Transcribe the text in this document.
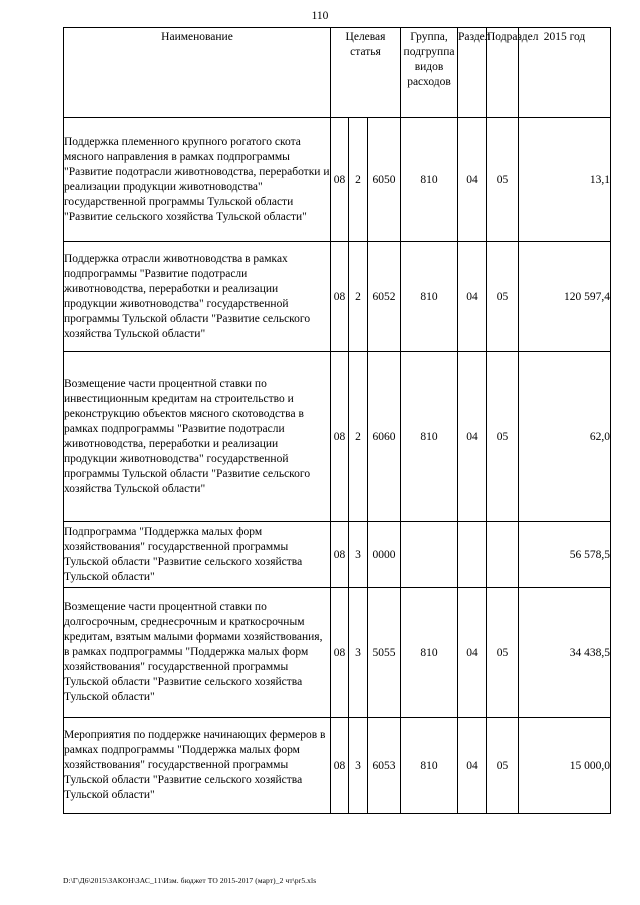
110
Наименование	Целевая статья			Группа, подгруппа видов расходов	Раздел	Подраздел	2015 год
Поддержка племенного крупного рогатого скота мясного направления в рамках подпрограммы "Развитие подотрасли животноводства, переработки и реализации продукции животноводства" государственной программы Тульской области "Развитие сельского хозяйства Тульской области"	08	2	6050	810	04	05	13,1
Поддержка отрасли животноводства в рамках подпрограммы "Развитие подотрасли животноводства, переработки и реализации продукции животноводства" государственной программы Тульской области "Развитие сельского хозяйства Тульской области"	08	2	6052	810	04	05	120 597,4
Возмещение части процентной ставки по инвестиционным кредитам на строительство и реконструкцию объектов мясного скотоводства в рамках подпрограммы "Развитие подотрасли животноводства, переработки и реализации продукции животноводства" государственной программы Тульской области "Развитие сельского хозяйства Тульской области"	08	2	6060	810	04	05	62,0
Подпрограмма "Поддержка малых форм хозяйствования" государственной программы Тульской области "Развитие сельского хозяйства Тульской области"	08	3	0000				56 578,5
Возмещение части процентной ставки по долгосрочным, среднесрочным и краткосрочным кредитам, взятым малыми формами хозяйствования, в рамках подпрограммы "Поддержка малых форм хозяйствования" государственной программы Тульской области "Развитие сельского хозяйства Тульской области"	08	3	5055	810	04	05	34 438,5
Мероприятия по поддержке начинающих фермеров в рамках подпрограммы "Поддержка малых форм хозяйствования" государственной программы Тульской области "Развитие сельского хозяйства Тульской области"	08	3	6053	810	04	05	15 000,0
D:\Г\Д6\2015\ЗАКОН\ЗАС_11\Изм. бюджет ТО 2015-2017 (март)_2 чт\pr5.xls
